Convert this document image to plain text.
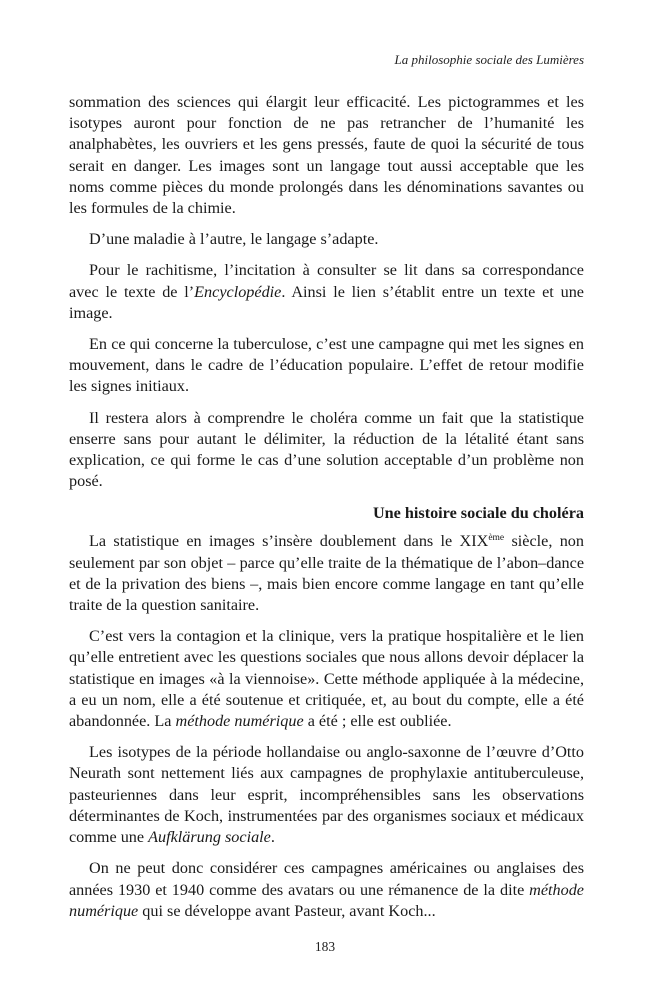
La philosophie sociale des Lumières

sommation des sciences qui élargit leur efficacité. Les pictogrammes et les isotypes auront pour fonction de ne pas retrancher de l’humanité les analphabètes, les ouvriers et les gens pressés, faute de quoi la sécurité de tous serait en danger. Les images sont un langage tout aussi acceptable que les noms comme pièces du monde prolongés dans les dénominations savantes ou les formules de la chimie.

D’une maladie à l’autre, le langage s’adapte.

Pour le rachitisme, l’incitation à consulter se lit dans sa correspondance avec le texte de l’Encyclopédie. Ainsi le lien s’établit entre un texte et une image.

En ce qui concerne la tuberculose, c’est une campagne qui met les signes en mouvement, dans le cadre de l’éducation populaire. L’effet de retour modifie les signes initiaux.

Il restera alors à comprendre le choléra comme un fait que la statistique enserre sans pour autant le délimiter, la réduction de la létalité étant sans explication, ce qui forme le cas d’une solution acceptable d’un problème non posé.

Une histoire sociale du choléra

La statistique en images s’insère doublement dans le XIXème siècle, non seulement par son objet – parce qu’elle traite de la thématique de l’abon–dance et de la privation des biens –, mais bien encore comme langage en tant qu’elle traite de la question sanitaire.

C’est vers la contagion et la clinique, vers la pratique hospitalière et le lien qu’elle entretient avec les questions sociales que nous allons devoir déplacer la statistique en images «à la viennoise». Cette méthode appliquée à la médecine, a eu un nom, elle a été soutenue et critiquée, et, au bout du compte, elle a été abandonnée. La méthode numérique a été ; elle est oubliée.

Les isotypes de la période hollandaise ou anglo-saxonne de l’œuvre d’Otto Neurath sont nettement liés aux campagnes de prophylaxie antituberculeuse, pasteuriennes dans leur esprit, incompréhensibles sans les observations déterminantes de Koch, instrumentées par des organismes sociaux et médicaux comme une Aufklärung sociale.

On ne peut donc considérer ces campagnes américaines ou anglaises des années 1930 et 1940 comme des avatars ou une rémanence de la dite méthode numérique qui se développe avant Pasteur, avant Koch...

183
